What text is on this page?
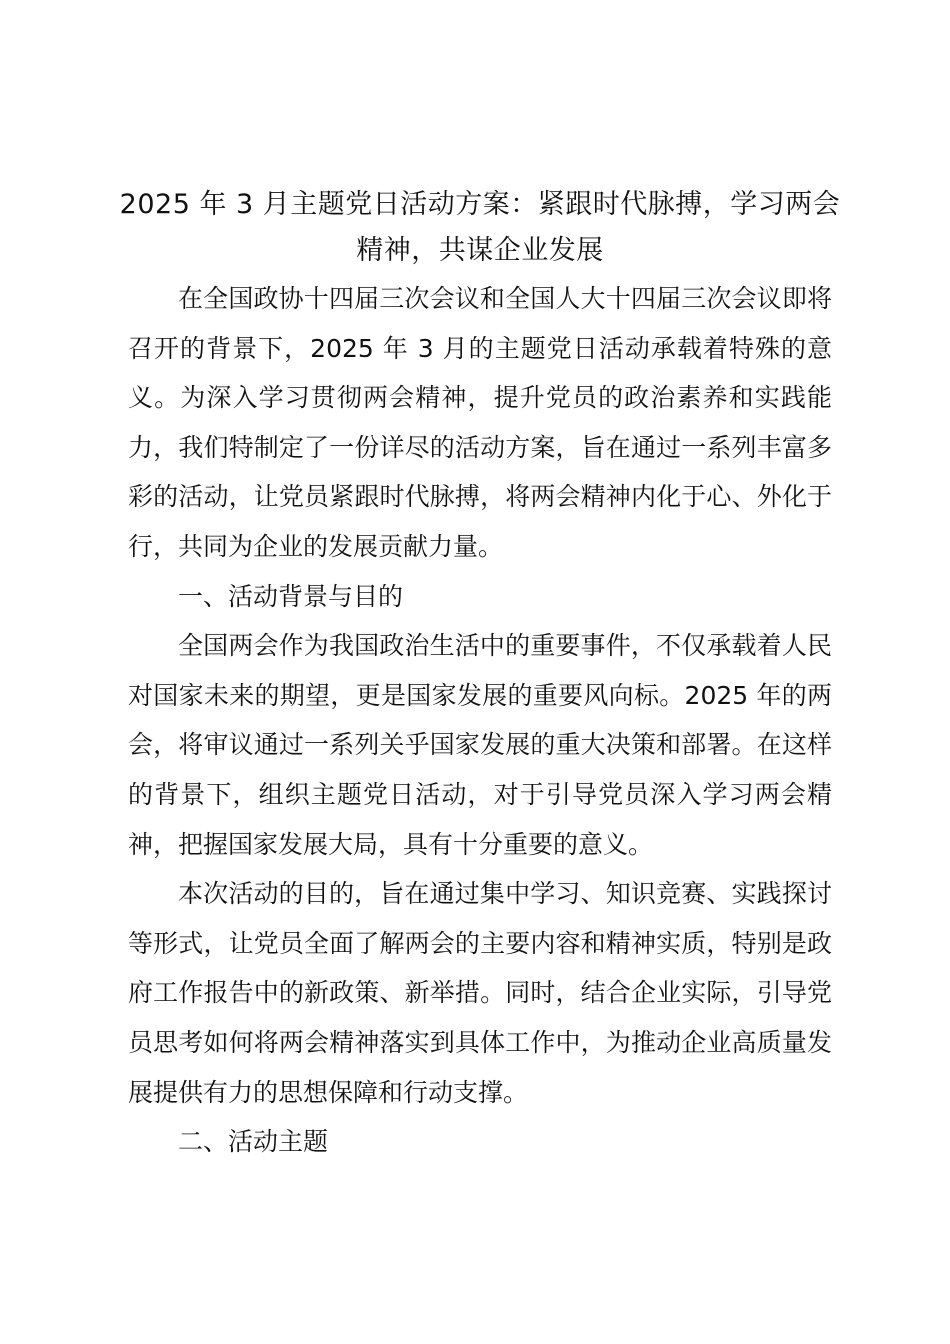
2025 年 3 月主题党日活动方案：紧跟时代脉搏，学习两会精神，共谋企业发展

在全国政协十四届三次会议和全国人大十四届三次会议即将召开的背景下，2025 年 3 月的主题党日活动承载着特殊的意义。为深入学习贯彻两会精神，提升党员的政治素养和实践能力，我们特制定了一份详尽的活动方案，旨在通过一系列丰富多彩的活动，让党员紧跟时代脉搏，将两会精神内化于心、外化于行，共同为企业的发展贡献力量。

一、活动背景与目的

全国两会作为我国政治生活中的重要事件，不仅承载着人民对国家未来的期望，更是国家发展的重要风向标。2025 年的两会，将审议通过一系列关乎国家发展的重大决策和部署。在这样的背景下，组织主题党日活动，对于引导党员深入学习两会精神，把握国家发展大局，具有十分重要的意义。

本次活动的目的，旨在通过集中学习、知识竞赛、实践探讨等形式，让党员全面了解两会的主要内容和精神实质，特别是政府工作报告中的新政策、新举措。同时，结合企业实际，引导党员思考如何将两会精神落实到具体工作中，为推动企业高质量发展提供有力的思想保障和行动支撑。

二、活动主题
